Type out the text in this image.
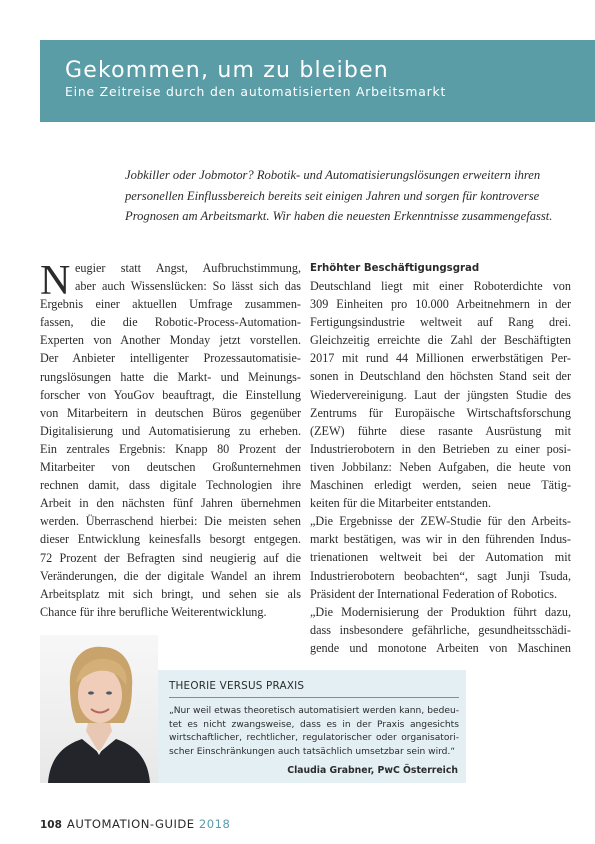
Gekommen, um zu bleiben
Eine Zeitreise durch den automatisierten Arbeitsmarkt
Jobkiller oder Jobmotor? Robotik- und Automatisierungslösungen erweitern ihren
personellen Einflussbereich bereits seit einigen Jahren und sorgen für kontroverse
Prognosen am Arbeitsmarkt. Wir haben die neuesten Erkenntnisse zusammengefasst.
N eugier statt Angst, Aufbruchstimmung,
aber auch Wissenslücken: So lässt sich das
Ergebnis einer aktuellen Umfrage zusammen-
fassen, die die Robotic-Process-Automation-
Experten von Another Monday jetzt vorstellen.
Der Anbieter intelligenter Prozessautomatisie-
rungslösungen hatte die Markt- und Meinungs-
forscher von YouGov beauftragt, die Einstellung
von Mitarbeitern in deutschen Büros gegenüber
Digitalisierung und Automatisierung zu erheben.
Ein zentrales Ergebnis: Knapp 80 Prozent der
Mitarbeiter von deutschen Großunternehmen
rechnen damit, dass digitale Technologien ihre
Arbeit in den nächsten fünf Jahren übernehmen
werden. Überraschend hierbei: Die meisten sehen
dieser Entwicklung keinesfalls besorgt entgegen.
72 Prozent der Befragten sind neugierig auf die
Veränderungen, die der digitale Wandel an ihrem
Arbeitsplatz mit sich bringt, und sehen sie als
Chance für ihre berufliche Weiterentwicklung.
Erhöhter Beschäftigungsgrad
Deutschland liegt mit einer Roboterdichte von
309 Einheiten pro 10.000 Arbeitnehmern in der
Fertigungsindustrie weltweit auf Rang drei.
Gleichzeitig erreichte die Zahl der Beschäftigten
2017 mit rund 44 Millionen erwerbstätigen Per-
sonen in Deutschland den höchsten Stand seit der
Wiedervereinigung. Laut der jüngsten Studie des
Zentrums für Europäische Wirtschaftsforschung
(ZEW) führte diese rasante Ausrüstung mit
Industrierobotern in den Betrieben zu einer posi-
tiven Jobbilanz: Neben Aufgaben, die heute von
Maschinen erledigt werden, seien neue Tätig-
keiten für die Mitarbeiter entstanden.
„Die Ergebnisse der ZEW-Studie für den Arbeits-
markt bestätigen, was wir in den führenden Indus-
trienationen weltweit bei der Automation mit
Industrierobotern beobachten“, sagt Junji Tsuda,
Präsident der International Federation of Robotics.
„Die Modernisierung der Produktion führt dazu,
dass insbesondere gefährliche, gesundheitsschädi-
gende und monotone Arbeiten von Maschinen
THEORIE VERSUS PRAXIS
„Nur weil etwas theoretisch automatisiert werden kann, bedeu-
tet es nicht zwangsweise, dass es in der Praxis angesichts
wirtschaftlicher, rechtlicher, regulatorischer oder organisatori-
scher Einschränkungen auch tatsächlich umsetzbar sein wird.“
Claudia Grabner, PwC Österreich
108 AUTOMATION-GUIDE 2018
